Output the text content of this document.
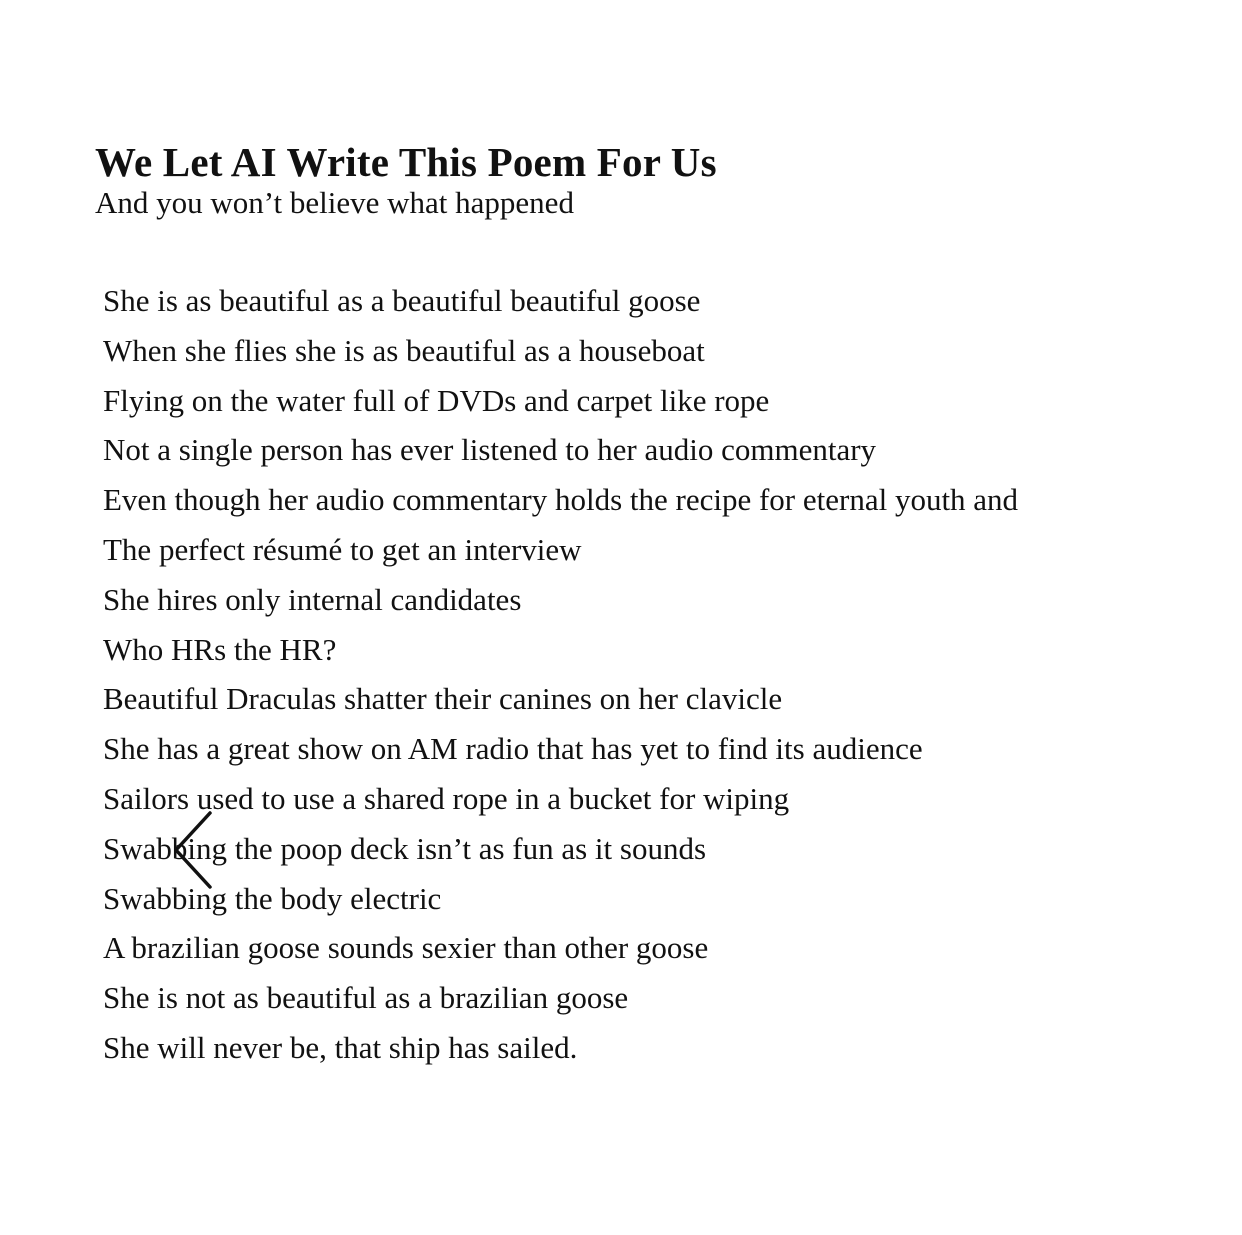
We Let AI Write This Poem For Us

And you won’t believe what happened

She is as beautiful as a beautiful beautiful goose
When she flies she is as beautiful as a houseboat
Flying on the water full of DVDs and carpet like rope
Not a single person has ever listened to her audio commentary
Even though her audio commentary holds the recipe for eternal youth and
The perfect résumé to get an interview
She hires only internal candidates
Who HRs the HR?
Beautiful Draculas shatter their canines on her clavicle
She has a great show on AM radio that has yet to find its audience
Sailors used to use a shared rope in a bucket for wiping
Swabbing the poop deck isn’t as fun as it sounds
Swabbing the body electric
A brazilian goose sounds sexier than other goose
She is not as beautiful as a brazilian goose
She will never be, that ship has sailed.
